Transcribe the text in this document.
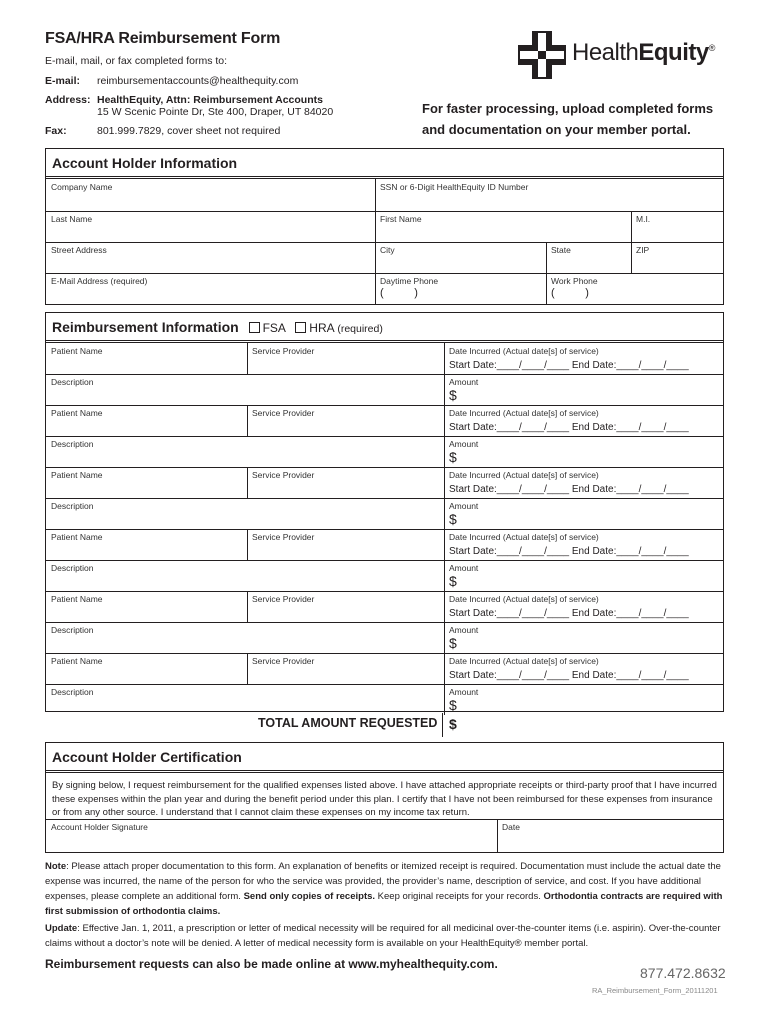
FSA/HRA Reimbursement Form
E-mail, mail, or fax completed forms to:
E-mail: reimbursementaccounts@healthequity.com
Address: HealthEquity, Attn: Reimbursement Accounts
15 W Scenic Pointe Dr, Ste 400, Draper, UT 84020
Fax:	801.999.7829, cover sheet not required
HealthEquity®
For faster processing, upload completed forms
and documentation on your member portal.
Account Holder Information
Company Name	SSN or 6-Digit HealthEquity ID Number
Last Name	First Name	M.I.
Street Address	City	State	ZIP
E-Mail Address (required)	Daytime Phone
(          )
Work Phone
(          )
Reimbursement Information FSA HRA (required)
Patient Name	Service Provider	Date Incurred (Actual date[s] of service)
Start Date:____/____/____ End Date:____/____/____
Description	Amount
$
Patient Name	Service Provider	Date Incurred (Actual date[s] of service)
Start Date:____/____/____ End Date:____/____/____
Description	Amount
$
Patient Name	Service Provider	Date Incurred (Actual date[s] of service)
Start Date:____/____/____ End Date:____/____/____
Description	Amount
$
Patient Name	Service Provider	Date Incurred (Actual date[s] of service)
Start Date:____/____/____ End Date:____/____/____
Description	Amount
$
Patient Name	Service Provider	Date Incurred (Actual date[s] of service)
Start Date:____/____/____ End Date:____/____/____
Description	Amount
$
Patient Name	Service Provider	Date Incurred (Actual date[s] of service)
Start Date:____/____/____ End Date:____/____/____
Description	Amount
$
TOTAL AMOUNT REQUESTED $
Account Holder Certification
By signing below, I request reimbursement for the qualified expenses listed above. I have attached appropriate receipts or third-party proof that I have incurred these expenses within the plan year and during the benefit period under this plan. I certify that I have not been reimbursed for these expenses from insurance or from any other source. I understand that I cannot claim these expenses on my income tax return.
Account Holder Signature	Date
Note: Please attach proper documentation to this form. An explanation of benefits or itemized receipt is required. Documentation must include the actual date the expense was incurred, the name of the person for who the service was provided, the provider’s name, description of service, and cost. If you have additional expenses, please complete an additional form. Send only copies of receipts. Keep original receipts for your records. Orthodontia contracts are required with first submission of orthodontia claims.
Update: Effective Jan. 1, 2011, a prescription or letter of medical necessity will be required for all medicinal over-the-counter items (i.e. aspirin). Over-the-counter claims without a doctor’s note will be denied. A letter of medical necessity form is available on your HealthEquity® member portal.
Reimbursement requests can also be made online at www.myhealthequity.com.
877.472.8632
RA_Reimbursement_Form_20111201
